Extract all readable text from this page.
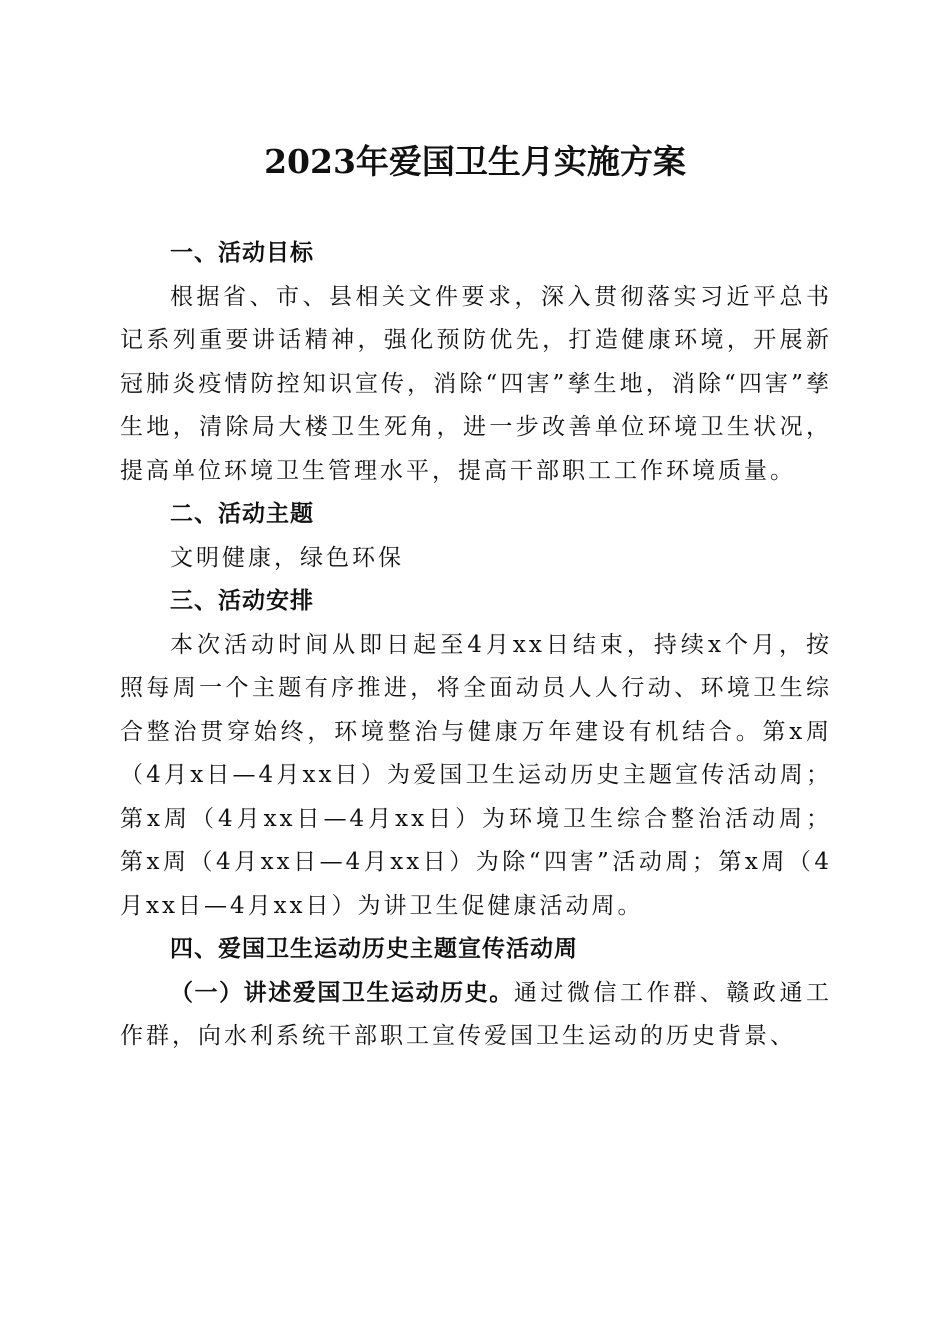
2023年爱国卫生月实施方案

一、活动目标

根据省、市、县相关文件要求，深入贯彻落实习近平总书记系列重要讲话精神，强化预防优先，打造健康环境，开展新冠肺炎疫情防控知识宣传，消除“四害”孳生地，消除“四害”孳生地，清除局大楼卫生死角，进一步改善单位环境卫生状况，提高单位环境卫生管理水平，提高干部职工工作环境质量。

二、活动主题

文明健康，绿色环保

三、活动安排

本次活动时间从即日起至4月xx日结束，持续x个月，按照每周一个主题有序推进，将全面动员人人行动、环境卫生综合整治贯穿始终，环境整治与健康万年建设有机结合。第x周（4月x日—4月xx日）为爱国卫生运动历史主题宣传活动周；第x周（4月xx日—4月xx日）为环境卫生综合整治活动周；第x周（4月xx日—4月xx日）为除“四害”活动周；第x周（4月xx日—4月xx日）为讲卫生促健康活动周。

四、爱国卫生运动历史主题宣传活动周

（一）讲述爱国卫生运动历史。通过微信工作群、赣政通工作群，向水利系统干部职工宣传爱国卫生运动的历史背景、
